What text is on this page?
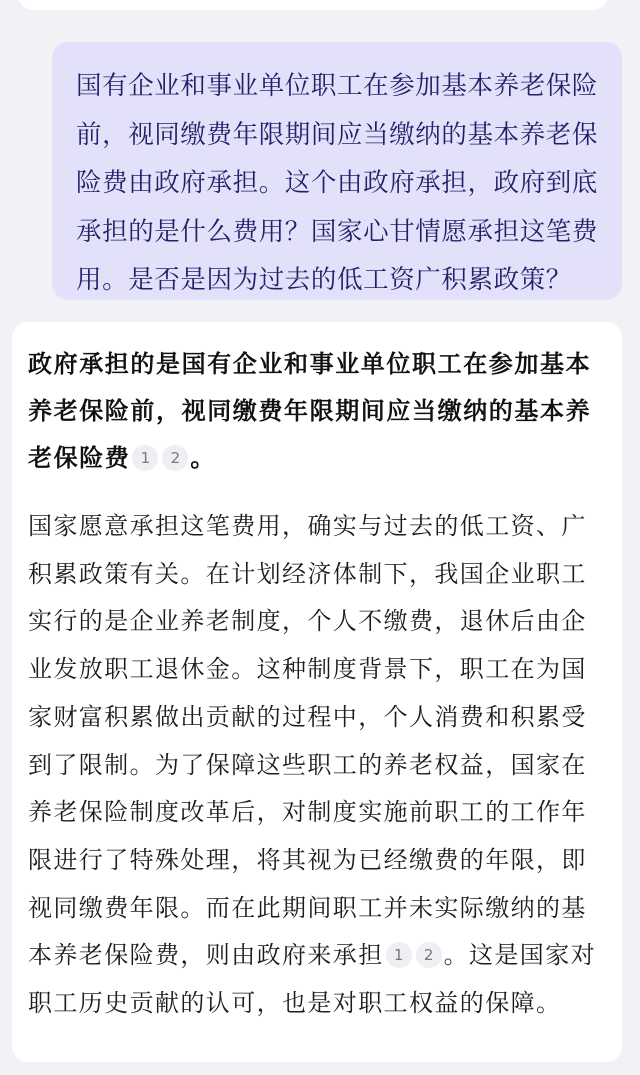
国有企业和事业单位职工在参加基本养老保险前，视同缴费年限期间应当缴纳的基本养老保险费由政府承担。这个由政府承担，政府到底承担的是什么费用？国家心甘情愿承担这笔费用。是否是因为过去的低工资广积累政策？

政府承担的是国有企业和事业单位职工在参加基本养老保险前，视同缴费年限期间应当缴纳的基本养老保险费 1 2 。

国家愿意承担这笔费用，确实与过去的低工资、广积累政策有关。在计划经济体制下，我国企业职工实行的是企业养老制度，个人不缴费，退休后由企业发放职工退休金。这种制度背景下，职工在为国家财富积累做出贡献的过程中，个人消费和积累受到了限制。为了保障这些职工的养老权益，国家在养老保险制度改革后，对制度实施前职工的工作年限进行了特殊处理，将其视为已经缴费的年限，即视同缴费年限。而在此期间职工并未实际缴纳的基本养老保险费，则由政府来承担 1 2 。这是国家对职工历史贡献的认可，也是对职工权益的保障。
